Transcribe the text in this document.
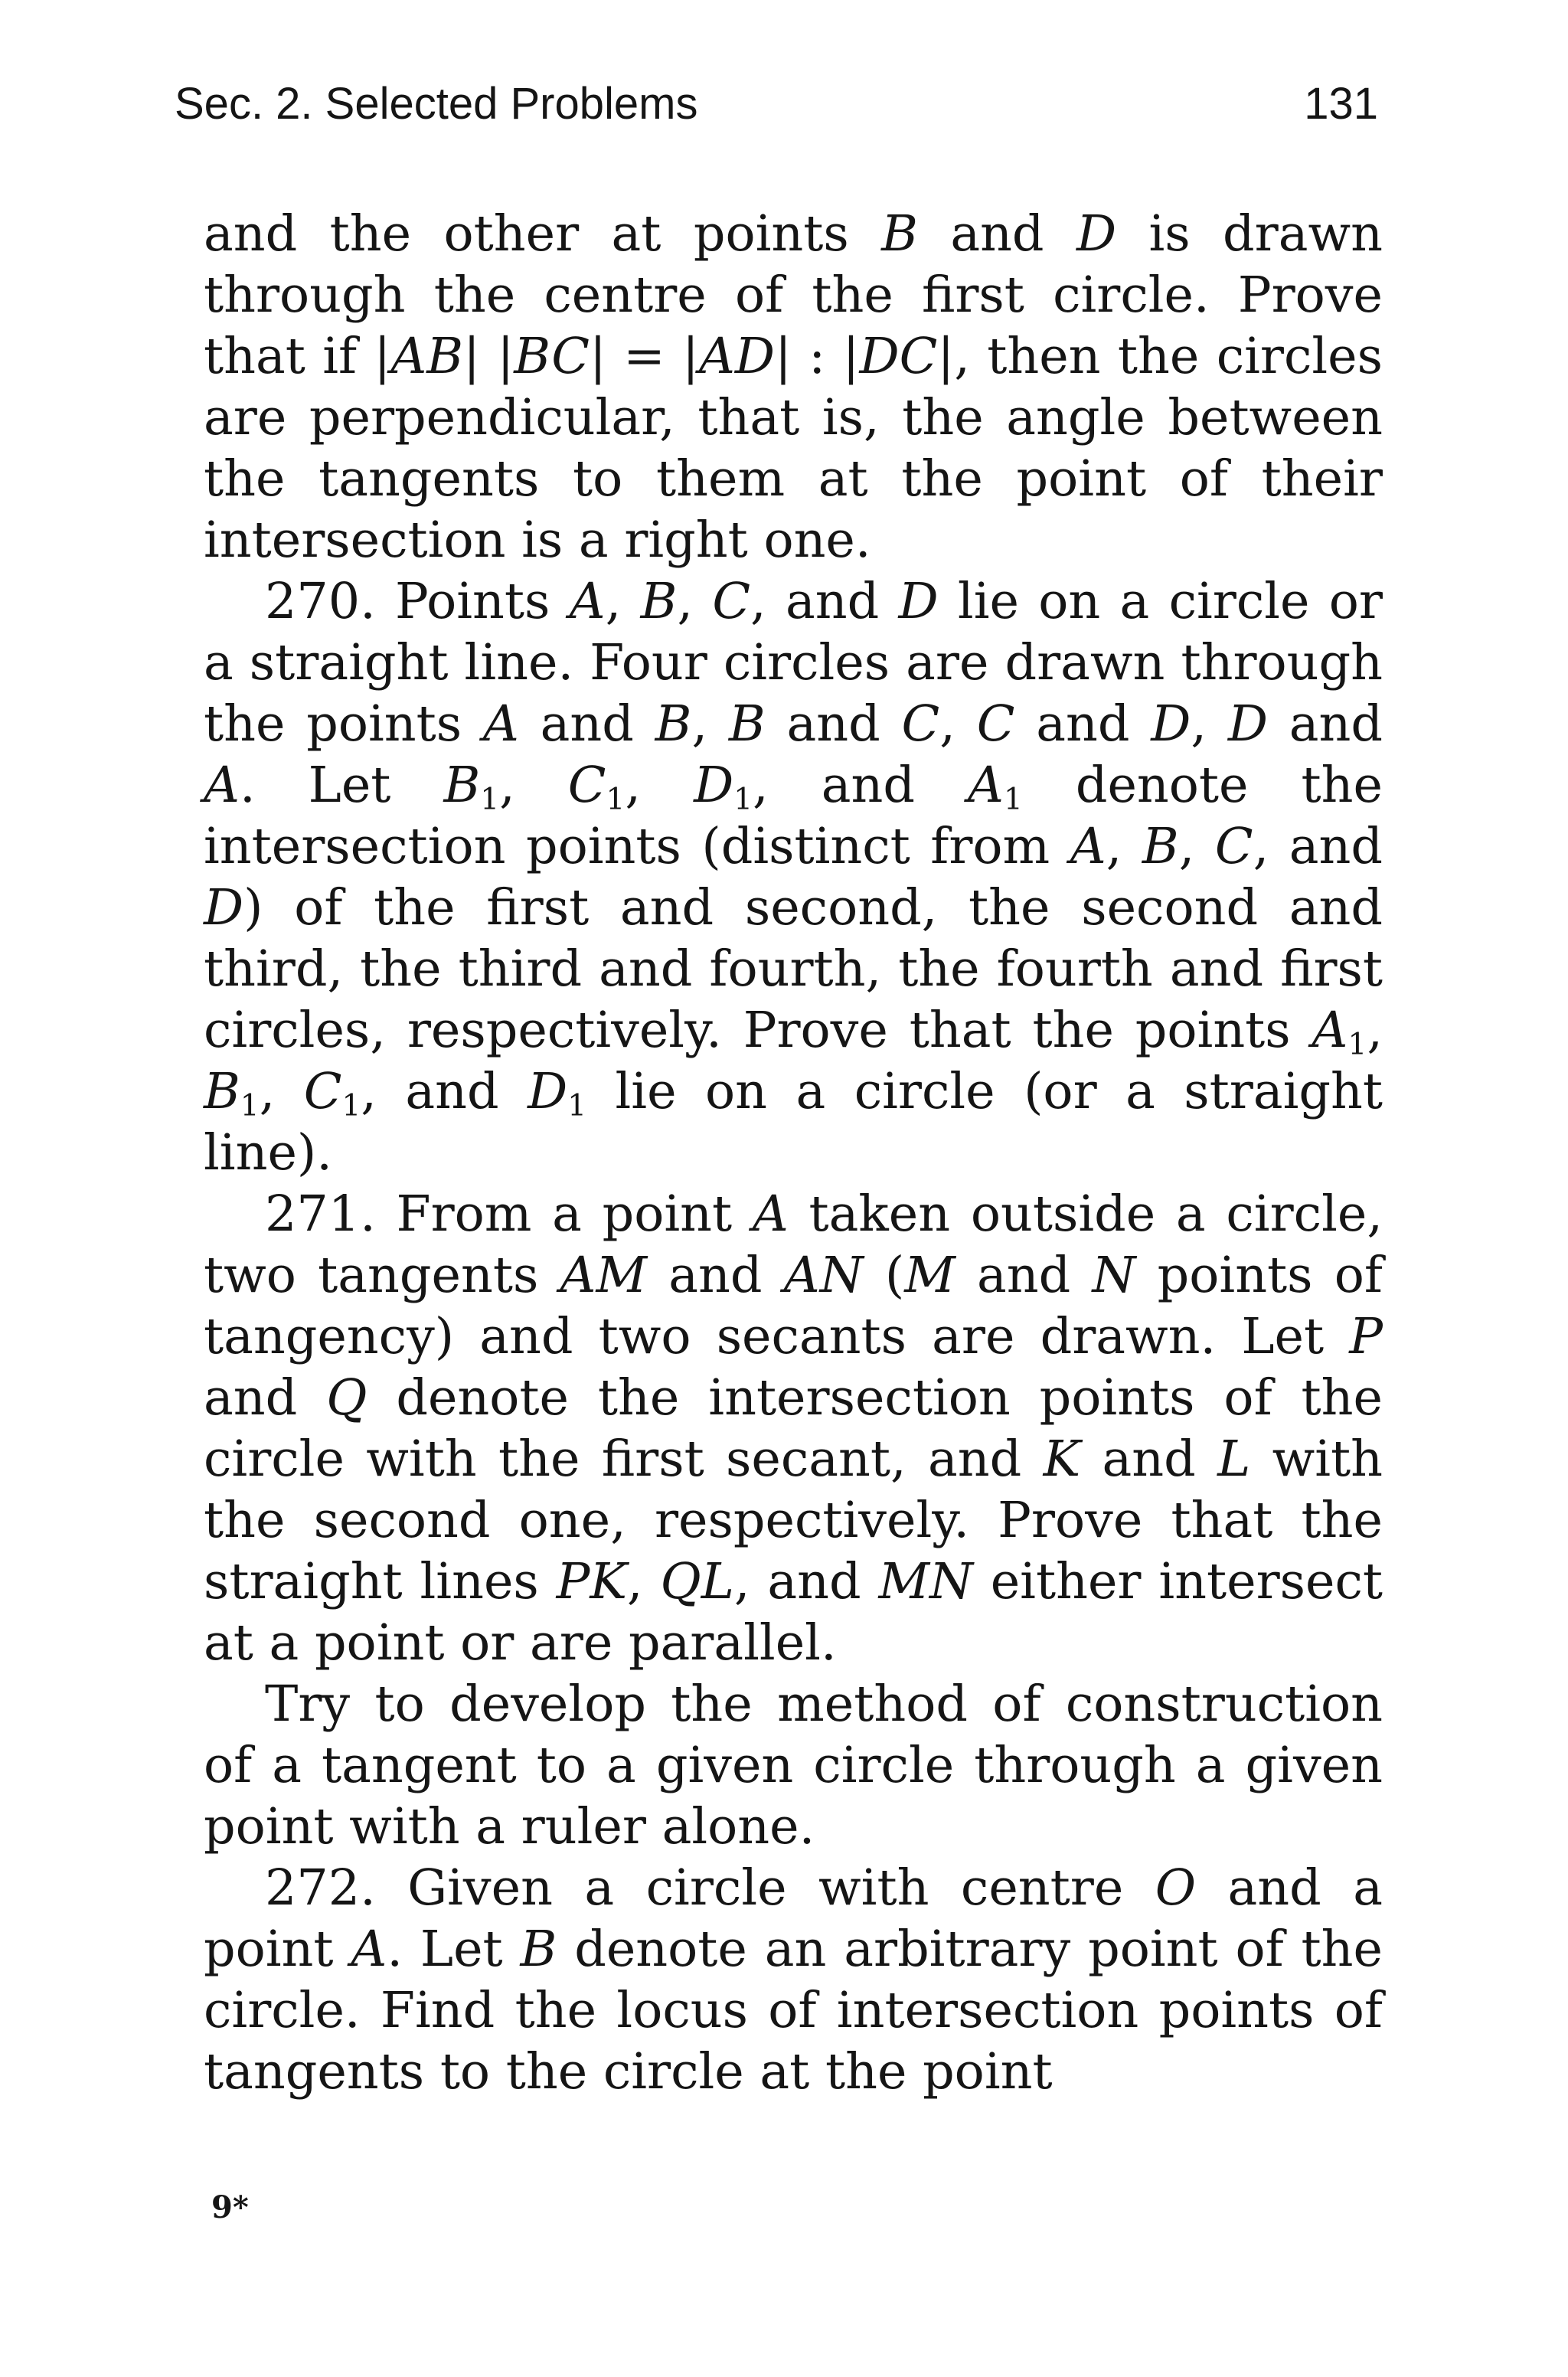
Sec. 2. Selected Problems	131

and the other at points B and D is drawn through the centre of the first circle. Prove that if |AB| |BC| = |AD| : |DC|, then the circles are perpendicular, that is, the angle between the tangents to them at the point of their intersection is a right one.

270. Points A, B, C, and D lie on a circle or a straight line. Four circles are drawn through the points A and B, B and C, C and D, D and A. Let $B_1$, $C_1$, $D_1$, and $A_1$ denote the intersection points (distinct from A, B, C, and D) of the first and second, the second and third, the third and fourth, the fourth and first circles, respectively. Prove that the points $A_1$, $B_1$, $C_1$, and $D_1$ lie on a circle (or a straight line).

271. From a point A taken outside a circle, two tangents AM and AN (M and N points of tangency) and two secants are drawn. Let P and Q denote the intersection points of the circle with the first secant, and K and L with the second one, respectively. Prove that the straight lines PK, QL, and MN either intersect at a point or are parallel.

Try to develop the method of construction of a tangent to a given circle through a given point with a ruler alone.

272. Given a circle with centre O and a point A. Let B denote an arbitrary point of the circle. Find the locus of intersection points of tangents to the circle at the point

9*
